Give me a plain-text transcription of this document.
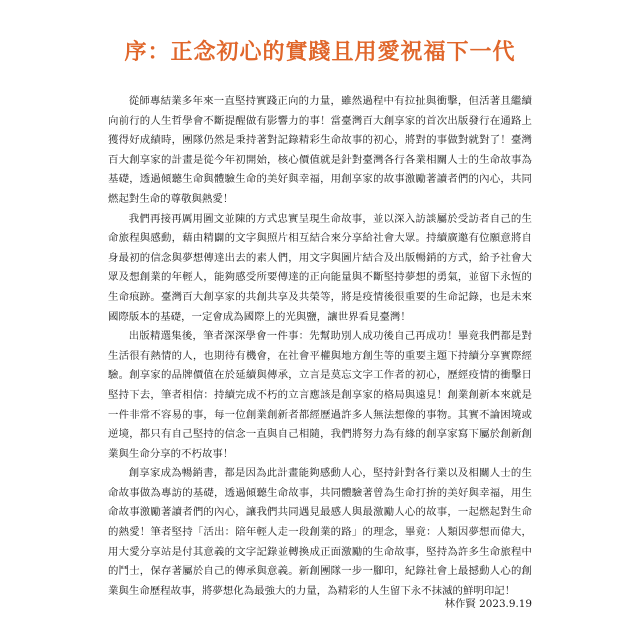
序：正念初心的實踐且用愛祝福下一代

從師專結業多年來一直堅持實踐正向的力量，雖然過程中有拉扯與衝擊，但活著且繼續向前行的人生哲學會不斷提醒做有影響力的事！當臺灣百大創享家的首次出版發行在通路上獲得好成績時，團隊仍然是秉持著對記錄精彩生命故事的初心，將對的事做對就對了！臺灣百大創享家的計畫是從今年初開始，核心價值就是針對臺灣各行各業相關人士的生命故事為基礎，透過傾聽生命與體驗生命的美好與幸福，用創享家的故事激勵著讀者們的內心，共同燃起對生命的尊敬與熱愛！

我們再接再厲用圖文並陳的方式忠實呈現生命故事，並以深入訪談屬於受訪者自己的生命旅程與感動，藉由精闢的文字與照片相互結合來分享給社會大眾。持續廣邀有位願意將自身最初的信念與夢想傳達出去的素人們，用文字與圖片結合及出版暢銷的方式，給予社會大眾及想創業的年輕人，能夠感受所要傳達的正向能量與不斷堅持夢想的勇氣，並留下永恆的生命痕跡。臺灣百大創享家的共創共享及共榮等，將是疫情後很重要的生命記錄，也是未來國際版本的基礎，一定會成為國際上的光與鹽，讓世界看見臺灣！

出版精選集後，筆者深深學會一件事：先幫助別人成功後自己再成功！畢竟我們都是對生活很有熱情的人，也期待有機會，在社會平權與地方創生等的重要主題下持續分享實際經驗。創享家的品牌價值在於延續與傳承，立言是莫忘文字工作者的初心，歷經疫情的衝擊日堅持下去，筆者相信：持續完成不朽的立言應該是創享家的格局與遠見！創業創新本來就是一件非常不容易的事，每一位創業創新者都經歷過許多人無法想像的事物。其實不論困境或逆境，都只有自己堅持的信念一直與自己相隨，我們將努力為有緣的創享家寫下屬於創新創業與生命分享的不朽故事！

創享家成為暢銷書，都是因為此計畫能夠感動人心，堅持針對各行業以及相關人士的生命故事做為專訪的基礎，透過傾聽生命故事，共同體驗著曾為生命打拚的美好與幸福，用生命故事激勵著讀者們的內心，讓我們共同遇見最感人與最激勵人心的故事，一起燃起對生命的熱愛！筆者堅持「活出：陪年輕人走一段創業的路」的理念，畢竟：人類因夢想而偉大，用大愛分享站是付其意義的文字記錄並轉換成正面激勵的生命故事，堅持為許多生命旅程中的鬥士，保存著屬於自己的傳承與意義。新創團隊一步一腳印，紀錄社會上最撼動人心的創業與生命歷程故事，將夢想化為最強大的力量，為精彩的人生留下永不抹滅的鮮明印記！

林作賢 2023.9.19
